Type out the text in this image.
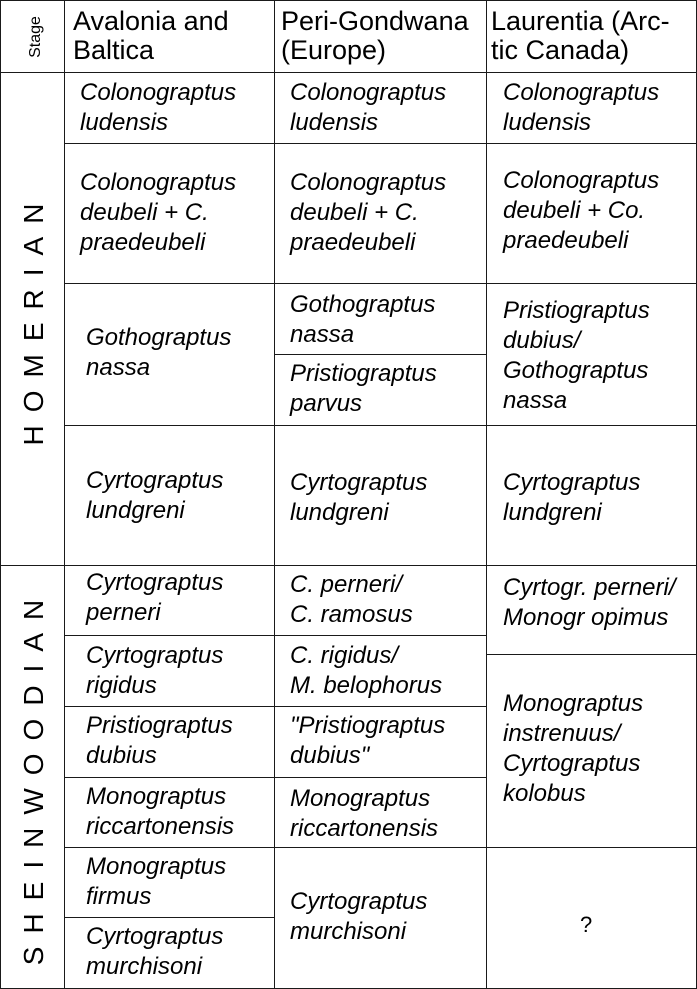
Stage Avalonia and
Baltica
Peri-Gondwana
(Europe)
Laurentia (Arc-
tic Canada)
HOMERIAN
SHEINWOODIAN
Colonograptus
ludensis
Colonograptus
deubeli + C.
praedeubeli
Gothograptus
nassa
Cyrtograptus
lundgreni
Cyrtograptus
perneri
Cyrtograptus
rigidus
Pristiograptus
dubius
Monograptus
riccartonensis
Monograptus
firmus
Cyrtograptus
murchisoni
Colonograptus
ludensis
Colonograptus
deubeli + C.
praedeubeli
Gothograptus
nassa
Pristiograptus
parvus
Cyrtograptus
lundgreni
C. perneri/
C. ramosus
C. rigidus/
M. belophorus
"Pristiograptus
dubius"
Monograptus
riccartonensis
Cyrtograptus
murchisoni
Colonograptus
ludensis
Colonograptus
deubeli + Co.
praedeubeli
Pristiograptus
dubius/
Gothograptus
nassa
Cyrtograptus
lundgreni
Cyrtogr. perneri/
Monogr opimus
Monograptus
instrenuus/
Cyrtograptus
kolobus
?
